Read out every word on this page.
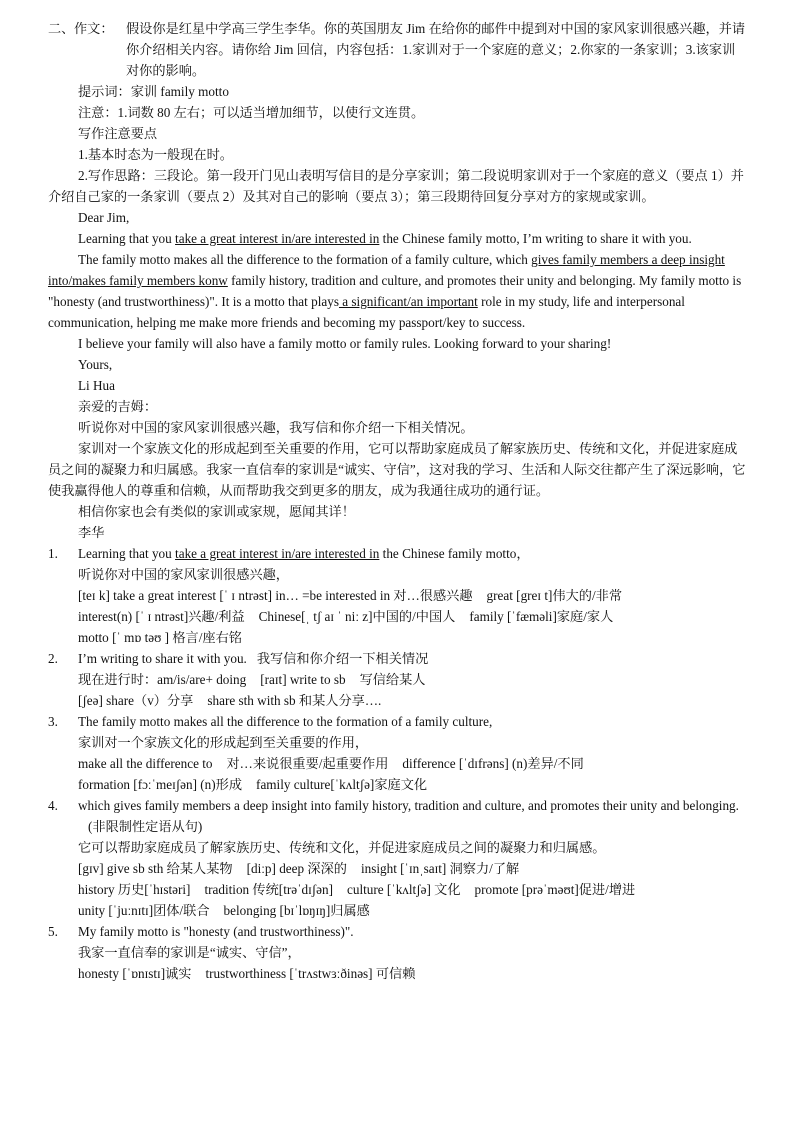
二、 作文： 假设你是红星中学高三学生李华。你的英国朋友 Jim 在给你的邮件中提到对中国的家风家训很感兴趣，并请你介绍相关内容。请你给 Jim 回信，内容包括：1.家训对于一个家庭的意义；2.你家的一条家训；3.该家训对你的影响。

提示词：家训 family motto

注意：1.词数 80 左右；可以适当增加细节，以使行文连贯。

写作注意要点

1.基本时态为一般现在时。

2.写作思路：三段论。第一段开门见山表明写信目的是分享家训；第二段说明家训对于一个家庭的意义（要点 1）并介绍自己家的一条家训（要点 2）及其对自己的影响（要点 3）；第三段期待回复分享对方的家规或家训。

Dear Jim,

Learning that you take a great interest in/are interested in the Chinese family motto, I’m writing to share it with you.

The family motto makes all the difference to the formation of a family culture, which gives family members a deep insight into/makes family members konw family history, tradition and culture, and promotes their unity and belonging. My family motto is "honesty (and trustworthiness)". It is a motto that plays a significant/an important role in my study, life and interpersonal communication, helping me make more friends and becoming my passport/key to success.

I believe your family will also have a family motto or family rules. Looking forward to your sharing!

Yours,

Li Hua

亲爱的吉姆：

听说你对中国的家风家训很感兴趣，我写信和你介绍一下相关情况。

家训对一个家族文化的形成起到至关重要的作用，它可以帮助家庭成员了解家族历史、传统和文化，并促进家庭成员之间的凝聚力和归属感。我家一直信奉的家训是“诚实、守信”，这对我的学习、生活和人际交往都产生了深远影响，它使我赢得他人的尊重和信赖，从而帮助我交到更多的朋友，成为我通往成功的通行证。

相信你家也会有类似的家训或家规，愿闻其详！

李华

1.	Learning that you take a great interest in/are interested in the Chinese family motto，

听说你对中国的家风家训很感兴趣，

[teɪ k] take a great interest [ˈ ɪ ntrəst] in… =be interested in 对…很感兴趣 great [greɪ t]伟大的/非常

interest(n) [ˈ ɪ ntrəst]兴趣/利益 Chinese[ˌ tʃ aɪ ˈ niː z]中国的/中国人 family [ˈfæməli]家庭/家人

motto [ˈ mɒ təʊ ] 格言/座右铭

2.	I’m writing to share it with you. 我写信和你介绍一下相关情况

现在进行时：am/is/are+ doing [raɪt] write to sb 写信给某人

[ʃeə] share（v）分享 share sth with sb 和某人分享….

3.	The family motto makes all the difference to the formation of a family culture,

家训对一个家族文化的形成起到至关重要的作用，

make all the difference to 对…来说很重要/起重要作用 difference [ˈdɪfrəns] (n)差异/不同

formation [fɔːˈmeɪʃən] (n)形成 family culture[ˈkʌltʃə]家庭文化

4.	which gives family members a deep insight into family history, tradition and culture, and promotes their unity and belonging.(非限制性定语从句)

它可以帮助家庭成员了解家族历史、传统和文化，并促进家庭成员之间的凝聚力和归属感。

[gɪv] give sb sth 给某人某物 [diːp] deep 深深的 insight [ˈɪnˌsaɪt] 洞察力/了解

history 历史[ˈhɪstəri] tradition 传统[trəˈdɪʃən] culture [ˈkʌltʃə] 文化 promote [prəˈməʊt]促进/增进

unity [ˈjuːnɪtɪ]团体/联合 belonging [bɪˈlɒŋɪŋ]归属感

5.	My family motto is "honesty (and trustworthiness)".

我家一直信奉的家训是“诚实、守信”，

honesty [ˈɒnɪstɪ]诚实 trustworthiness [ˈtrʌstwɜːðinəs] 可信赖
